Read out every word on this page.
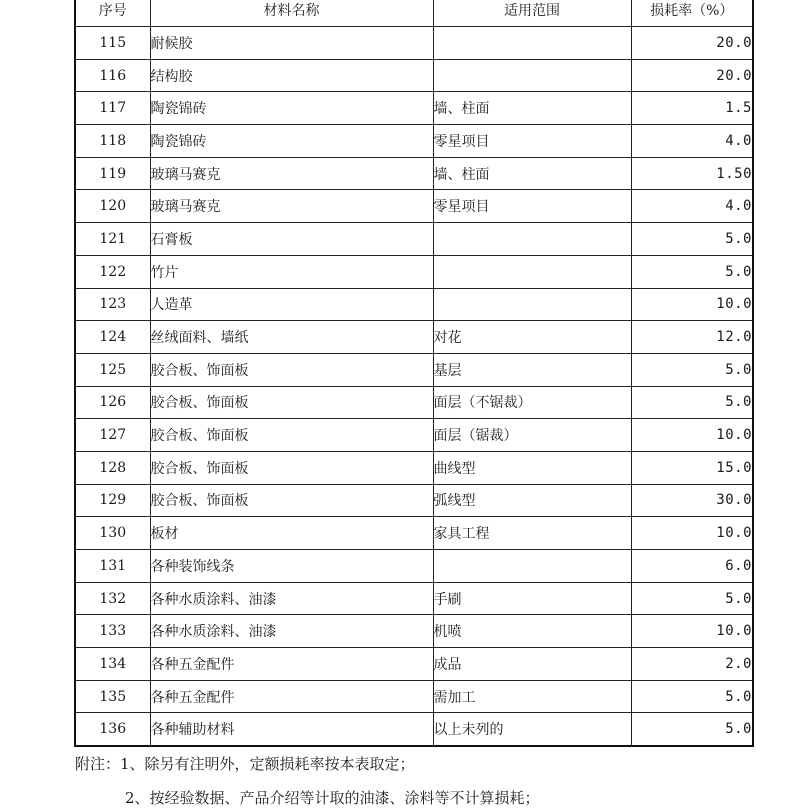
序号	材料名称	适用范围	损耗率（%）
115	耐候胶		20.0
116	结构胶		20.0
117	陶瓷锦砖	墙、柱面	1.5
118	陶瓷锦砖	零星项目	4.0
119	玻璃马赛克	墙、柱面	1.50
120	玻璃马赛克	零星项目	4.0
121	石膏板		5.0
122	竹片		5.0
123	人造革		10.0
124	丝绒面料、墙纸	对花	12.0
125	胶合板、饰面板	基层	5.0
126	胶合板、饰面板	面层（不锯裁）	5.0
127	胶合板、饰面板	面层（锯裁）	10.0
128	胶合板、饰面板	曲线型	15.0
129	胶合板、饰面板	弧线型	30.0
130	板材	家具工程	10.0
131	各种装饰线条		6.0
132	各种水质涂料、油漆	手刷	5.0
133	各种水质涂料、油漆	机喷	10.0
134	各种五金配件	成品	2.0
135	各种五金配件	需加工	5.0
136	各种辅助材料	以上未列的	5.0
附注：1、除另有注明外，定额损耗率按本表取定；
2、按经验数据、产品介绍等计取的油漆、涂料等不计算损耗；
